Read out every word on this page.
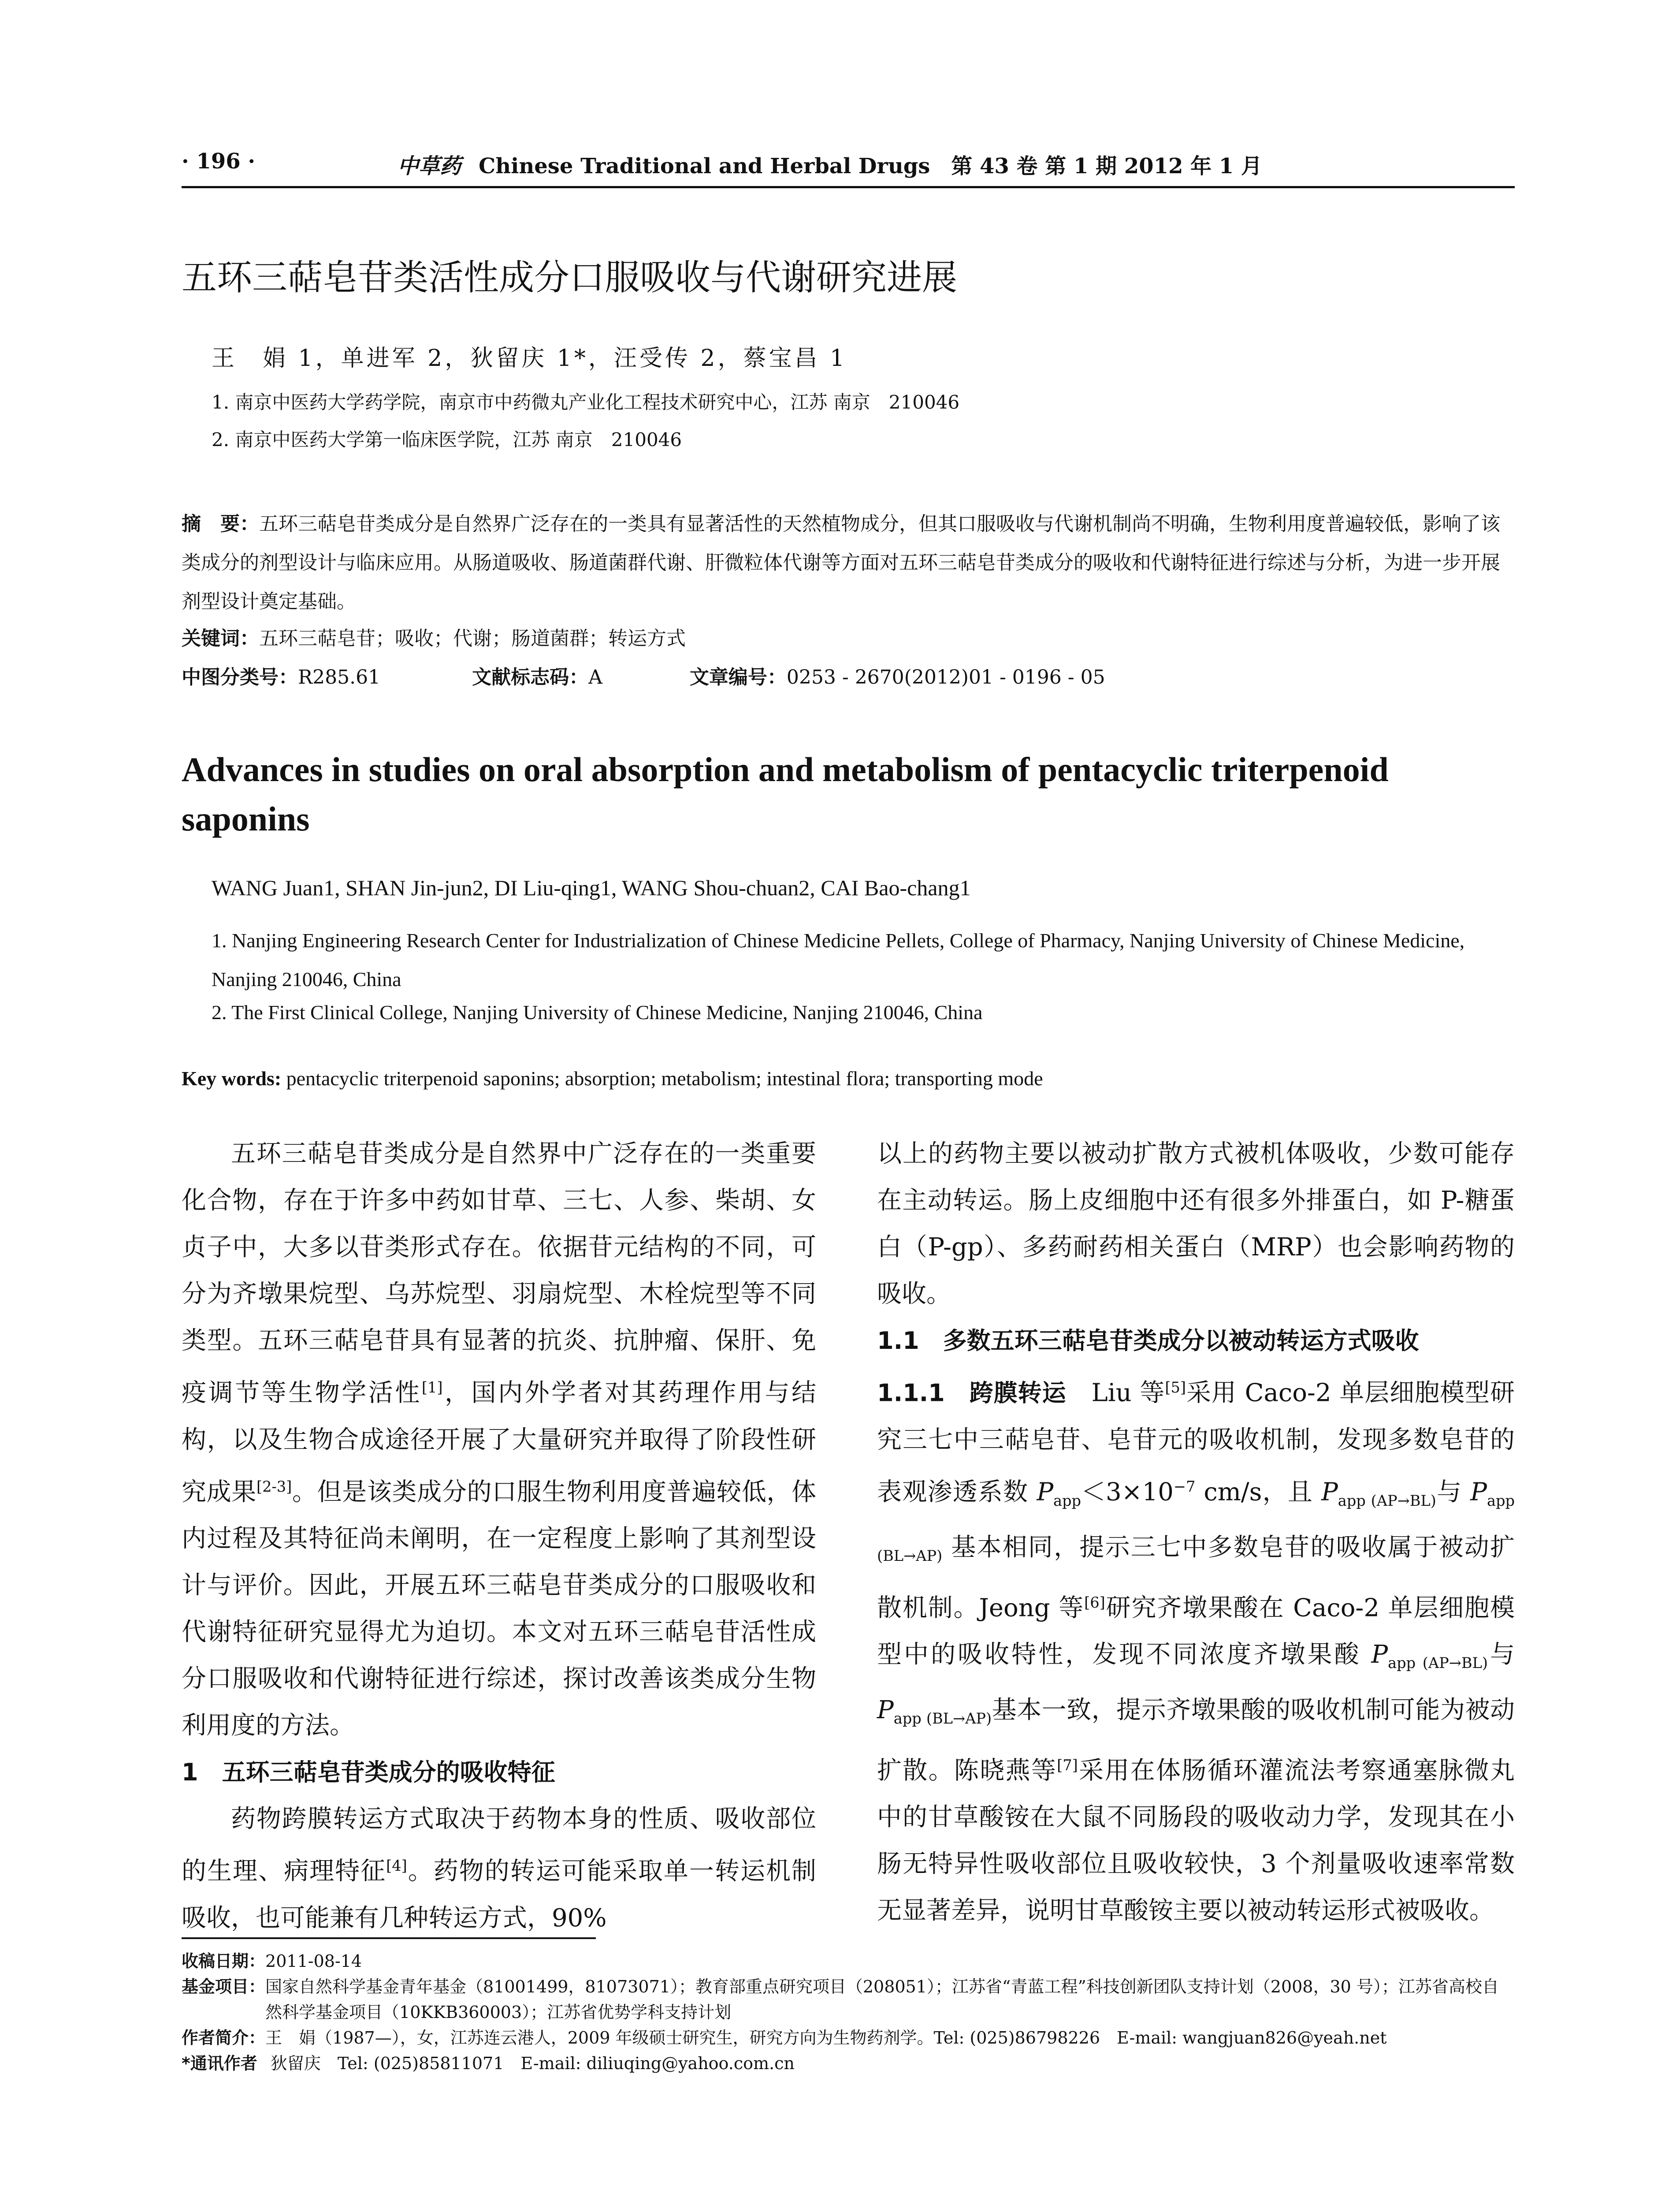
· 196 ·	中草药 Chinese Traditional and Herbal Drugs　第 43 卷 第 1 期 2012 年 1 月
五环三萜皂苷类活性成分口服吸收与代谢研究进展
王　娟 1，单进军 2，狄留庆 1*，汪受传 2，蔡宝昌 1
1. 南京中医药大学药学院，南京市中药微丸产业化工程技术研究中心，江苏 南京　210046
2. 南京中医药大学第一临床医学院，江苏 南京　210046
摘　要：五环三萜皂苷类成分是自然界广泛存在的一类具有显著活性的天然植物成分，但其口服吸收与代谢机制尚不明确，生物利用度普遍较低，影响了该类成分的剂型设计与临床应用。从肠道吸收、肠道菌群代谢、肝微粒体代谢等方面对五环三萜皂苷类成分的吸收和代谢特征进行综述与分析，为进一步开展剂型设计奠定基础。
关键词：五环三萜皂苷；吸收；代谢；肠道菌群；转运方式
中图分类号：R285.61	文献标志码：A	文章编号：0253 - 2670(2012)01 - 0196 - 05
Advances in studies on oral absorption and metabolism of pentacyclic triterpenoid saponins
WANG Juan1, SHAN Jin-jun2, DI Liu-qing1, WANG Shou-chuan2, CAI Bao-chang1
1. Nanjing Engineering Research Center for Industrialization of Chinese Medicine Pellets, College of Pharmacy, Nanjing University of Chinese Medicine, Nanjing 210046, China
2. The First Clinical College, Nanjing University of Chinese Medicine, Nanjing 210046, China
Key words: pentacyclic triterpenoid saponins; absorption; metabolism; intestinal flora; transporting mode

五环三萜皂苷类成分是自然界中广泛存在的一类重要化合物，存在于许多中药如甘草、三七、人参、柴胡、女贞子中，大多以苷类形式存在。依据苷元结构的不同，可分为齐墩果烷型、乌苏烷型、羽扇烷型、木栓烷型等不同类型。五环三萜皂苷具有显著的抗炎、抗肿瘤、保肝、免疫调节等生物学活性[1]，国内外学者对其药理作用与结构，以及生物合成途径开展了大量研究并取得了阶段性研究成果[2-3]。但是该类成分的口服生物利用度普遍较低，体内过程及其特征尚未阐明，在一定程度上影响了其剂型设计与评价。因此，开展五环三萜皂苷类成分的口服吸收和代谢特征研究显得尤为迫切。本文对五环三萜皂苷活性成分口服吸收和代谢特征进行综述，探讨改善该类成分生物利用度的方法。

1　五环三萜皂苷类成分的吸收特征

药物跨膜转运方式取决于药物本身的性质、吸收部位的生理、病理特征[4]。药物的转运可能采取单一转运机制吸收，也可能兼有几种转运方式，90%

以上的药物主要以被动扩散方式被机体吸收，少数可能存在主动转运。肠上皮细胞中还有很多外排蛋白，如 P-糖蛋白（P-gp）、多药耐药相关蛋白（MRP）也会影响药物的吸收。

1.1　多数五环三萜皂苷类成分以被动转运方式吸收

1.1.1　跨膜转运　Liu 等[5]采用 Caco-2 单层细胞模型研究三七中三萜皂苷、皂苷元的吸收机制，发现多数皂苷的表观渗透系数 $P_{app}<3\times 10^{-7}$ cm/s，且 $P_{app (AP\to BL)}$与 $P_{app (BL\to AP)}$ 基本相同，提示三七中多数皂苷的吸收属于被动扩散机制。Jeong 等[6]研究齐墩果酸在 Caco-2 单层细胞模型中的吸收特性，发现不同浓度齐墩果酸 $P_{app (AP\to BL)}$与 $P_{app (BL\to AP)}$基本一致，提示齐墩果酸的吸收机制可能为被动扩散。陈晓燕等[7]采用在体肠循环灌流法考察通塞脉微丸中的甘草酸铵在大鼠不同肠段的吸收动力学，发现其在小肠无特异性吸收部位且吸收较快，3 个剂量吸收速率常数无显著差异，说明甘草酸铵主要以被动转运形式被吸收。

收稿日期： 2011-08-14
基金项目： 国家自然科学基金青年基金（81001499，81073071）；教育部重点研究项目（208051）；江苏省“青蓝工程”科技创新团队支持计划（2008，30 号）；江苏省高校自然科学基金项目（10KKB360003）；江苏省优势学科支持计划
作者简介： 王　娟（1987—），女，江苏连云港人，2009 年级硕士研究生，研究方向为生物药剂学。Tel: (025)86798226　E-mail: wangjuan826@yeah.net
*通讯作者 狄留庆　Tel: (025)85811071　E-mail: diliuqing@yahoo.com.cn
